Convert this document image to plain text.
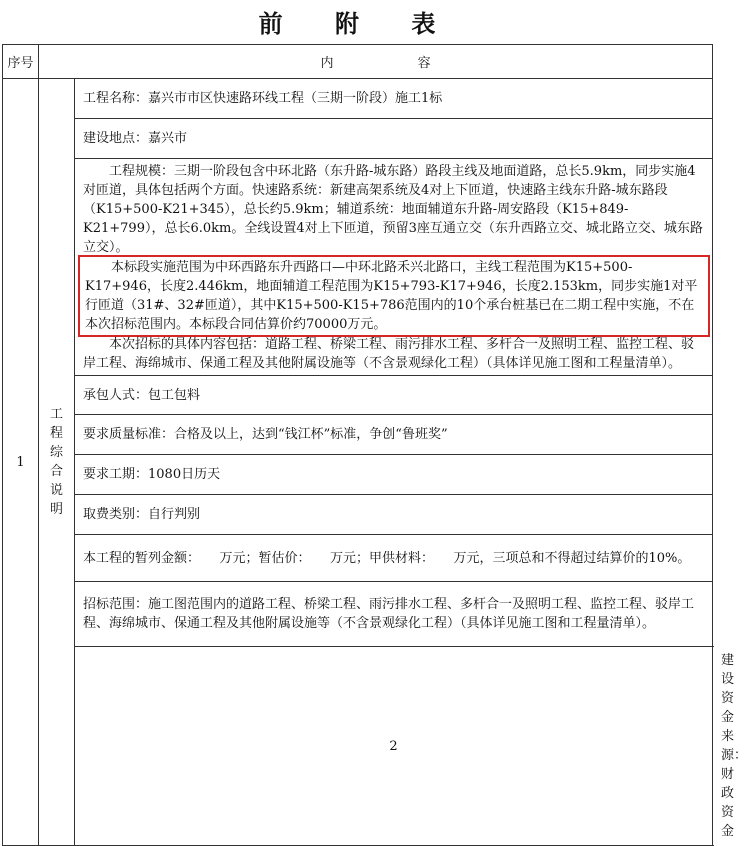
前 附 表
序号	内 容		
1	工程综合说明	工程名称：嘉兴市市区快速路环线工程（三期一阶段）施工1标	
		建设地点：嘉兴市	

		工程规模：三期一阶段包含中环北路（东升路-城东路）路段主线及地面道路，总长5.9km，同步实施4对匝道，具体包括两个方面。快速路系统：新建高架系统及4对上下匝道，快速路主线东升路-城东路段（K15+500-K21+345），总长约5.9km；辅道系统：地面辅道东升路-周安路段（K15+849-K21+799），总长6.0km。全线设置4对上下匝道，预留3座互通立交（东升西路立交、城北路立交、城东路立交）。
本标段实施范围为中环西路东升西路口—中环北路禾兴北路口，主线工程范围为K15+500-K17+946，长度2.446km，地面辅道工程范围为K15+793-K17+946，长度2.153km，同步实施1对平行匝道（31#、32#匝道），其中K15+500-K15+786范围内的10个承台桩基已在二期工程中实施，不在本次招标范围内。本标段合同估算价约70000万元。
本次招标的具体内容包括：道路工程、桥梁工程、雨污排水工程、多杆合一及照明工程、监控工程、驳岸工程、海绵城市、保通工程及其他附属设施等（不含景观绿化工程）（具体详见施工图和工程量清单）。	

		承包人式：包工包料	
		要求质量标准：合格及以上，达到“钱江杯”标准，争创“鲁班奖”	
		要求工期：1080日历天	
		取费类别：自行判别	
		本工程的暂列金额：　　万元；暂估价：　　万元；甲供材料：　　万元，三项总和不得超过结算价的10%。	
		招标范围：施工图范围内的道路工程、桥梁工程、雨污排水工程、多杆合一及照明工程、监控工程、驳岸工程、海绵城市、保通工程及其他附属设施等（不含景观绿化工程）（具体详见施工图和工程量清单）。	
		2	建设资金来源：财政资金
